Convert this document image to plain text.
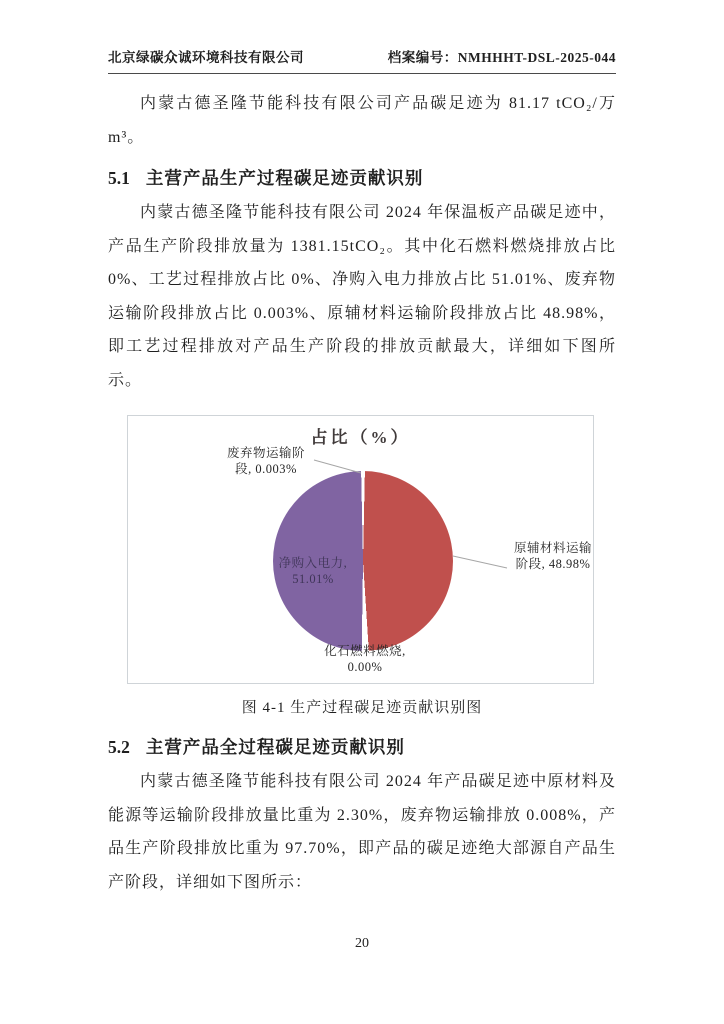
北京绿碳众诚环境科技有限公司	档案编号：NMHHHT-DSL-2025-044

内蒙古德圣隆节能科技有限公司产品碳足迹为 81.17 tCO₂/万 m³。

5.1 主营产品生产过程碳足迹贡献识别

内蒙古德圣隆节能科技有限公司 2024 年保温板产品碳足迹中，产品生产阶段排放量为 1381.15tCO₂。其中化石燃料燃烧排放占比 0%、工艺过程排放占比 0%、净购入电力排放占比 51.01%、废弃物运输阶段排放占比 0.003%、原辅材料运输阶段排放占比 48.98%，即工艺过程排放对产品生产阶段的排放贡献最大，详细如下图所示。

占比（%）
废弃物运输阶
段, 0.003%
原辅材料运输
阶段, 48.98%
净购入电力,
51.01%
化石燃料燃烧,
0.00%

图 4-1 生产过程碳足迹贡献识别图

5.2 主营产品全过程碳足迹贡献识别

内蒙古德圣隆节能科技有限公司 2024 年产品碳足迹中原材料及能源等运输阶段排放量比重为 2.30%，废弃物运输排放 0.008%，产品生产阶段排放比重为 97.70%，即产品的碳足迹绝大部源自产品生产阶段，详细如下图所示：

20
